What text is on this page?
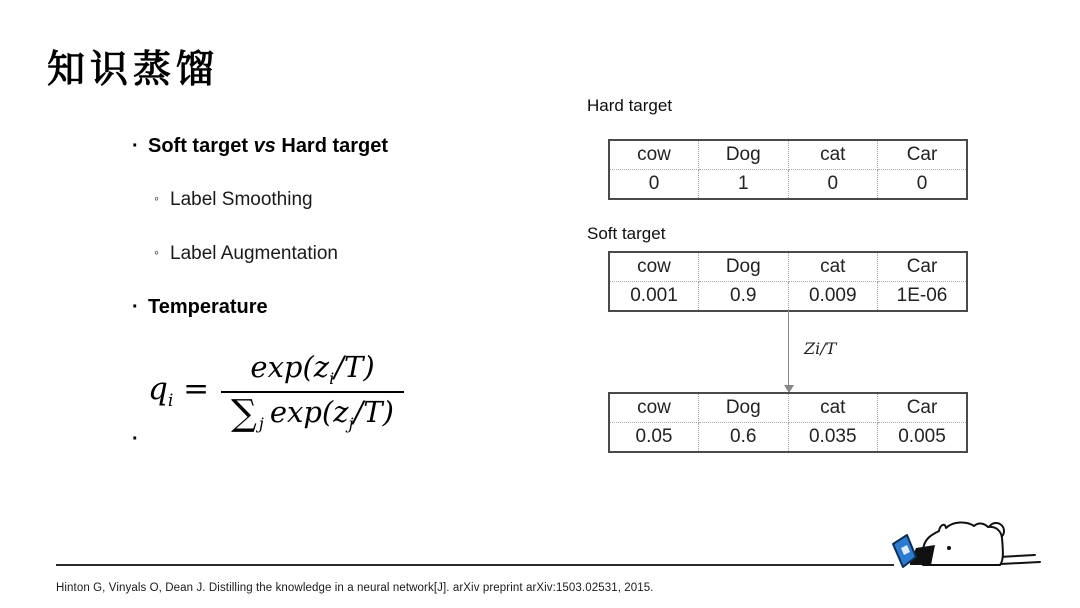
知识蒸馏
· Soft target vs Hard target
◦ Label Smoothing
◦ Label Augmentation
· Temperature
$q_i = \frac{\exp(z_i/T)}{\sum j \exp(z_j/T)}$
·
Hard target
cow	Dog	cat	Car
0	1	0	0
Soft target
cow	Dog	cat	Car
0.001	0.9	0.009	1E-06
Zi/T
cow	Dog	cat	Car
0.05	0.6	0.035	0.005
Hinton G, Vinyals O, Dean J. Distilling the knowledge in a neural network[J]. arXiv preprint arXiv:1503.02531, 2015.
